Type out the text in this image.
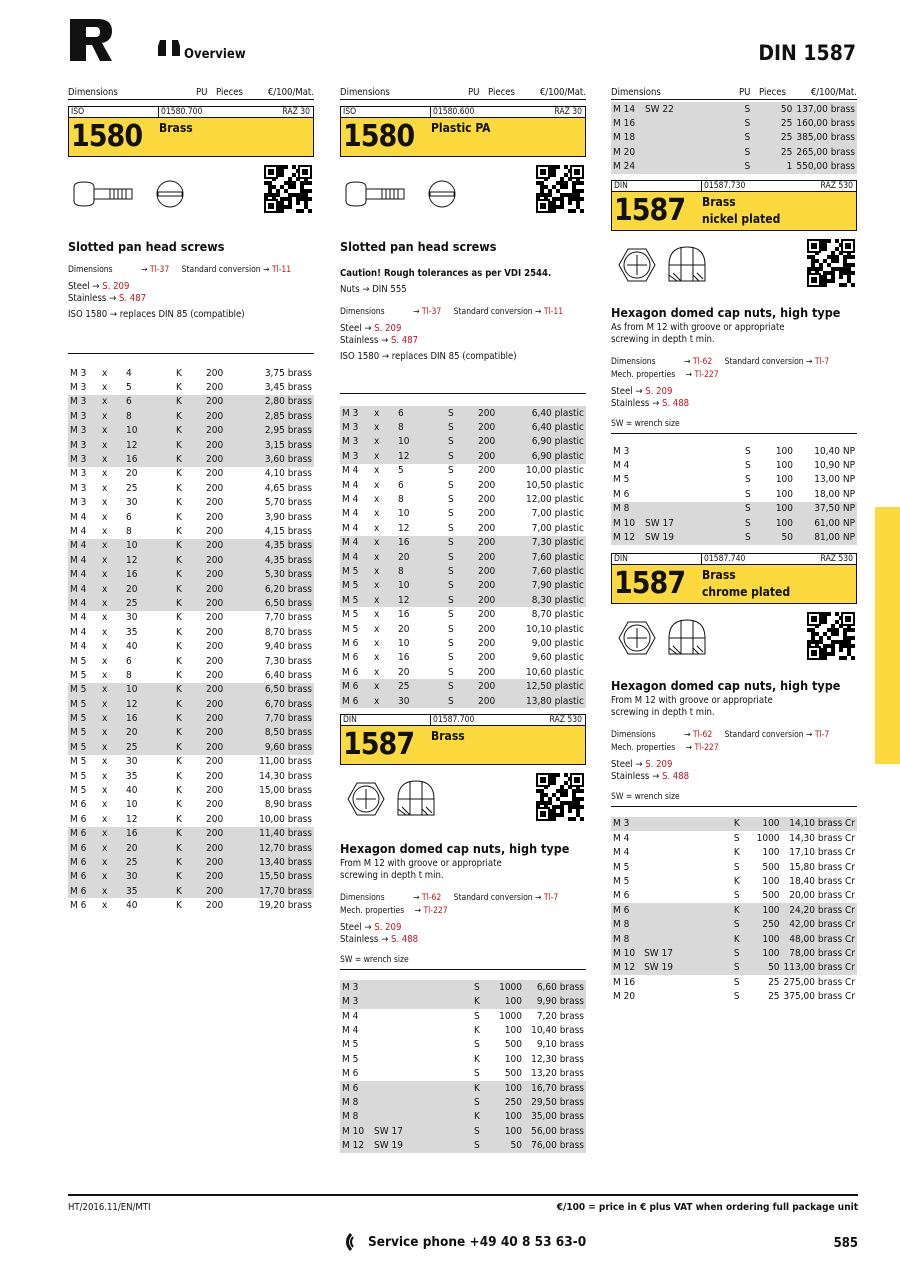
Overview	DIN 1587
Dimensions	PU Pieces	€/100/Mat.
ISO	01580.700	RAZ 30
1580 Brass
Slotted pan head screws
Dimensions	→ Tl-37 Standard conversion → Tl-11
Steel → S. 209
Stainless → S. 487
ISO 1580 → replaces DIN 85 (compatible)
M 3	x	4	K	200	3,75 brass
M 3	x	5	K	200	3,45 brass
M 3	x	6	K	200	2,80 brass
M 3	x	8	K	200	2,85 brass
M 3	x	10	K	200	2,95 brass
M 3	x	12	K	200	3,15 brass
M 3	x	16	K	200	3,60 brass
M 3	x	20	K	200	4,10 brass
M 3	x	25	K	200	4,65 brass
M 3	x	30	K	200	5,70 brass
M 4	x	6	K	200	3,90 brass
M 4	x	8	K	200	4,15 brass
M 4	x	10	K	200	4,35 brass
M 4	x	12	K	200	4,35 brass
M 4	x	16	K	200	5,30 brass
M 4	x	20	K	200	6,20 brass
M 4	x	25	K	200	6,50 brass
M 4	x	30	K	200	7,70 brass
M 4	x	35	K	200	8,70 brass
M 4	x	40	K	200	9,40 brass
M 5	x	6	K	200	7,30 brass
M 5	x	8	K	200	6,40 brass
M 5	x	10	K	200	6,50 brass
M 5	x	12	K	200	6,70 brass
M 5	x	16	K	200	7,70 brass
M 5	x	20	K	200	8,50 brass
M 5	x	25	K	200	9,60 brass
M 5	x	30	K	200	11,00 brass
M 5	x	35	K	200	14,30 brass
M 5	x	40	K	200	15,00 brass
M 6	x	10	K	200	8,90 brass
M 6	x	12	K	200	10,00 brass
M 6	x	16	K	200	11,40 brass
M 6	x	20	K	200	12,70 brass
M 6	x	25	K	200	13,40 brass
M 6	x	30	K	200	15,50 brass
M 6	x	35	K	200	17,70 brass
M 6	x	40	K	200	19,20 brass
Dimensions	PU Pieces	€/100/Mat.
ISO	01580.600	RAZ 30
1580 Plastic PA
Slotted pan head screws
Caution! Rough tolerances as per VDI 2544.
Nuts → DIN 555
Dimensions	→ Tl-37 Standard conversion → Tl-11
Steel → S. 209
Stainless → S. 487
ISO 1580 → replaces DIN 85 (compatible)
M 3	x	6	S	200	6,40 plastic
M 3	x	8	S	200	6,40 plastic
M 3	x	10	S	200	6,90 plastic
M 3	x	12	S	200	6,90 plastic
M 4	x	5	S	200	10,00 plastic
M 4	x	6	S	200	10,50 plastic
M 4	x	8	S	200	12,00 plastic
M 4	x	10	S	200	7,00 plastic
M 4	x	12	S	200	7,00 plastic
M 4	x	16	S	200	7,30 plastic
M 4	x	20	S	200	7,60 plastic
M 5	x	8	S	200	7,60 plastic
M 5	x	10	S	200	7,90 plastic
M 5	x	12	S	200	8,30 plastic
M 5	x	16	S	200	8,70 plastic
M 5	x	20	S	200	10,10 plastic
M 6	x	10	S	200	9,00 plastic
M 6	x	16	S	200	9,60 plastic
M 6	x	20	S	200	10,60 plastic
M 6	x	25	S	200	12,50 plastic
M 6	x	30	S	200	13,80 plastic
DIN	01587.700	RAZ 530
1587 Brass
Hexagon domed cap nuts, high type
From M 12 with groove or appropriate screwing in depth t min.
Dimensions	→ Tl-62 Standard conversion → Tl-7
Mech. properties → Tl-227
Steel → S. 209
Stainless → S. 488
SW = wrench size
M 3		S	1000	6,60 brass
M 3		K	100	9,90 brass
M 4		S	1000	7,20 brass
M 4		K	100	10,40 brass
M 5		S	500	9,10 brass
M 5		K	100	12,30 brass
M 6		S	500	13,20 brass
M 6		K	100	16,70 brass
M 8		S	250	29,50 brass
M 8		K	100	35,00 brass
M 10	SW 17	S	100	56,00 brass
M 12	SW 19	S	50	76,00 brass
Dimensions	PU Pieces	€/100/Mat.
M 14	SW 22	S	50	137,00 brass
M 16		S	25	160,00 brass
M 18		S	25	385,00 brass
M 20		S	25	265,00 brass
M 24		S	1	550,00 brass
DIN	01587.730	RAZ 530
1587 Brass
nickel plated
Hexagon domed cap nuts, high type
As from M 12 with groove or appropriate screwing in depth t min.
Dimensions	→ Tl-62 Standard conversion → Tl-7
Mech. properties → Tl-227
Steel → S. 209
Stainless → S. 488
SW = wrench size
M 3		S	100	10,40 NP
M 4		S	100	10,90 NP
M 5		S	100	13,00 NP
M 6		S	100	18,00 NP
M 8		S	100	37,50 NP
M 10	SW 17	S	100	61,00 NP
M 12	SW 19	S	50	81,00 NP
DIN	01587.740	RAZ 530
1587 Brass
chrome plated
Hexagon domed cap nuts, high type
From M 12 with groove or appropriate screwing in depth t min.
Dimensions	→ Tl-62 Standard conversion → Tl-7
Mech. properties → Tl-227
Steel → S. 209
Stainless → S. 488
SW = wrench size
M 3		K	100	14,10 brass Cr
M 4		S	1000	14,30 brass Cr
M 4		K	100	17,10 brass Cr
M 5		S	500	15,80 brass Cr
M 5		K	100	18,40 brass Cr
M 6		S	500	20,00 brass Cr
M 6		K	100	24,20 brass Cr
M 8		S	250	42,00 brass Cr
M 8		K	100	48,00 brass Cr
M 10	SW 17	S	100	78,00 brass Cr
M 12	SW 19	S	50	113,00 brass Cr
M 16		S	25	275,00 brass Cr
M 20		S	25	375,00 brass Cr
HT/2016.11/EN/MTI	€/100 = price in € plus VAT when ordering full package unit
Service phone +49 40 8 53 63-0	585
